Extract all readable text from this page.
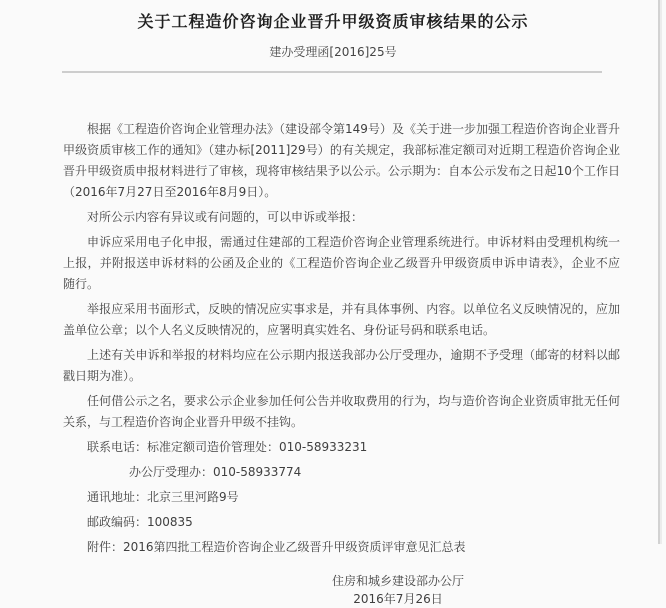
关于工程造价咨询企业晋升甲级资质审核结果的公示
建办受理函[2016]25号

根据《工程造价咨询企业管理办法》（建设部令第149号）及《关于进一步加强工程造价咨询企业晋升甲级资质审核工作的通知》（建办标[2011]29号）的有关规定，我部标准定额司对近期工程造价咨询企业晋升甲级资质申报材料进行了审核，现将审核结果予以公示。公示期为：自本公示发布之日起10个工作日（2016年7月27日至2016年8月9日）。

对所公示内容有异议或有问题的，可以申诉或举报：

申诉应采用电子化申报，需通过住建部的工程造价咨询企业管理系统进行。申诉材料由受理机构统一上报，并附报送申诉材料的公函及企业的《工程造价咨询企业乙级晋升甲级资质申诉申请表》，企业不应随行。

举报应采用书面形式，反映的情况应实事求是，并有具体事例、内容。以单位名义反映情况的，应加盖单位公章；以个人名义反映情况的，应署明真实姓名、身份证号码和联系电话。

上述有关申诉和举报的材料均应在公示期内报送我部办公厅受理办，逾期不予受理（邮寄的材料以邮戳日期为准）。

任何借公示之名，要求公示企业参加任何公告并收取费用的行为，均与造价咨询企业资质审批无任何关系，与工程造价咨询企业晋升甲级不挂钩。

联系电话：标准定额司造价管理处：010-58933231

办公厅受理办：010-58933774

通讯地址：北京三里河路9号

邮政编码：100835

附件：2016第四批工程造价咨询企业乙级晋升甲级资质评审意见汇总表

住房和城乡建设部办公厅
2016年7月26日
